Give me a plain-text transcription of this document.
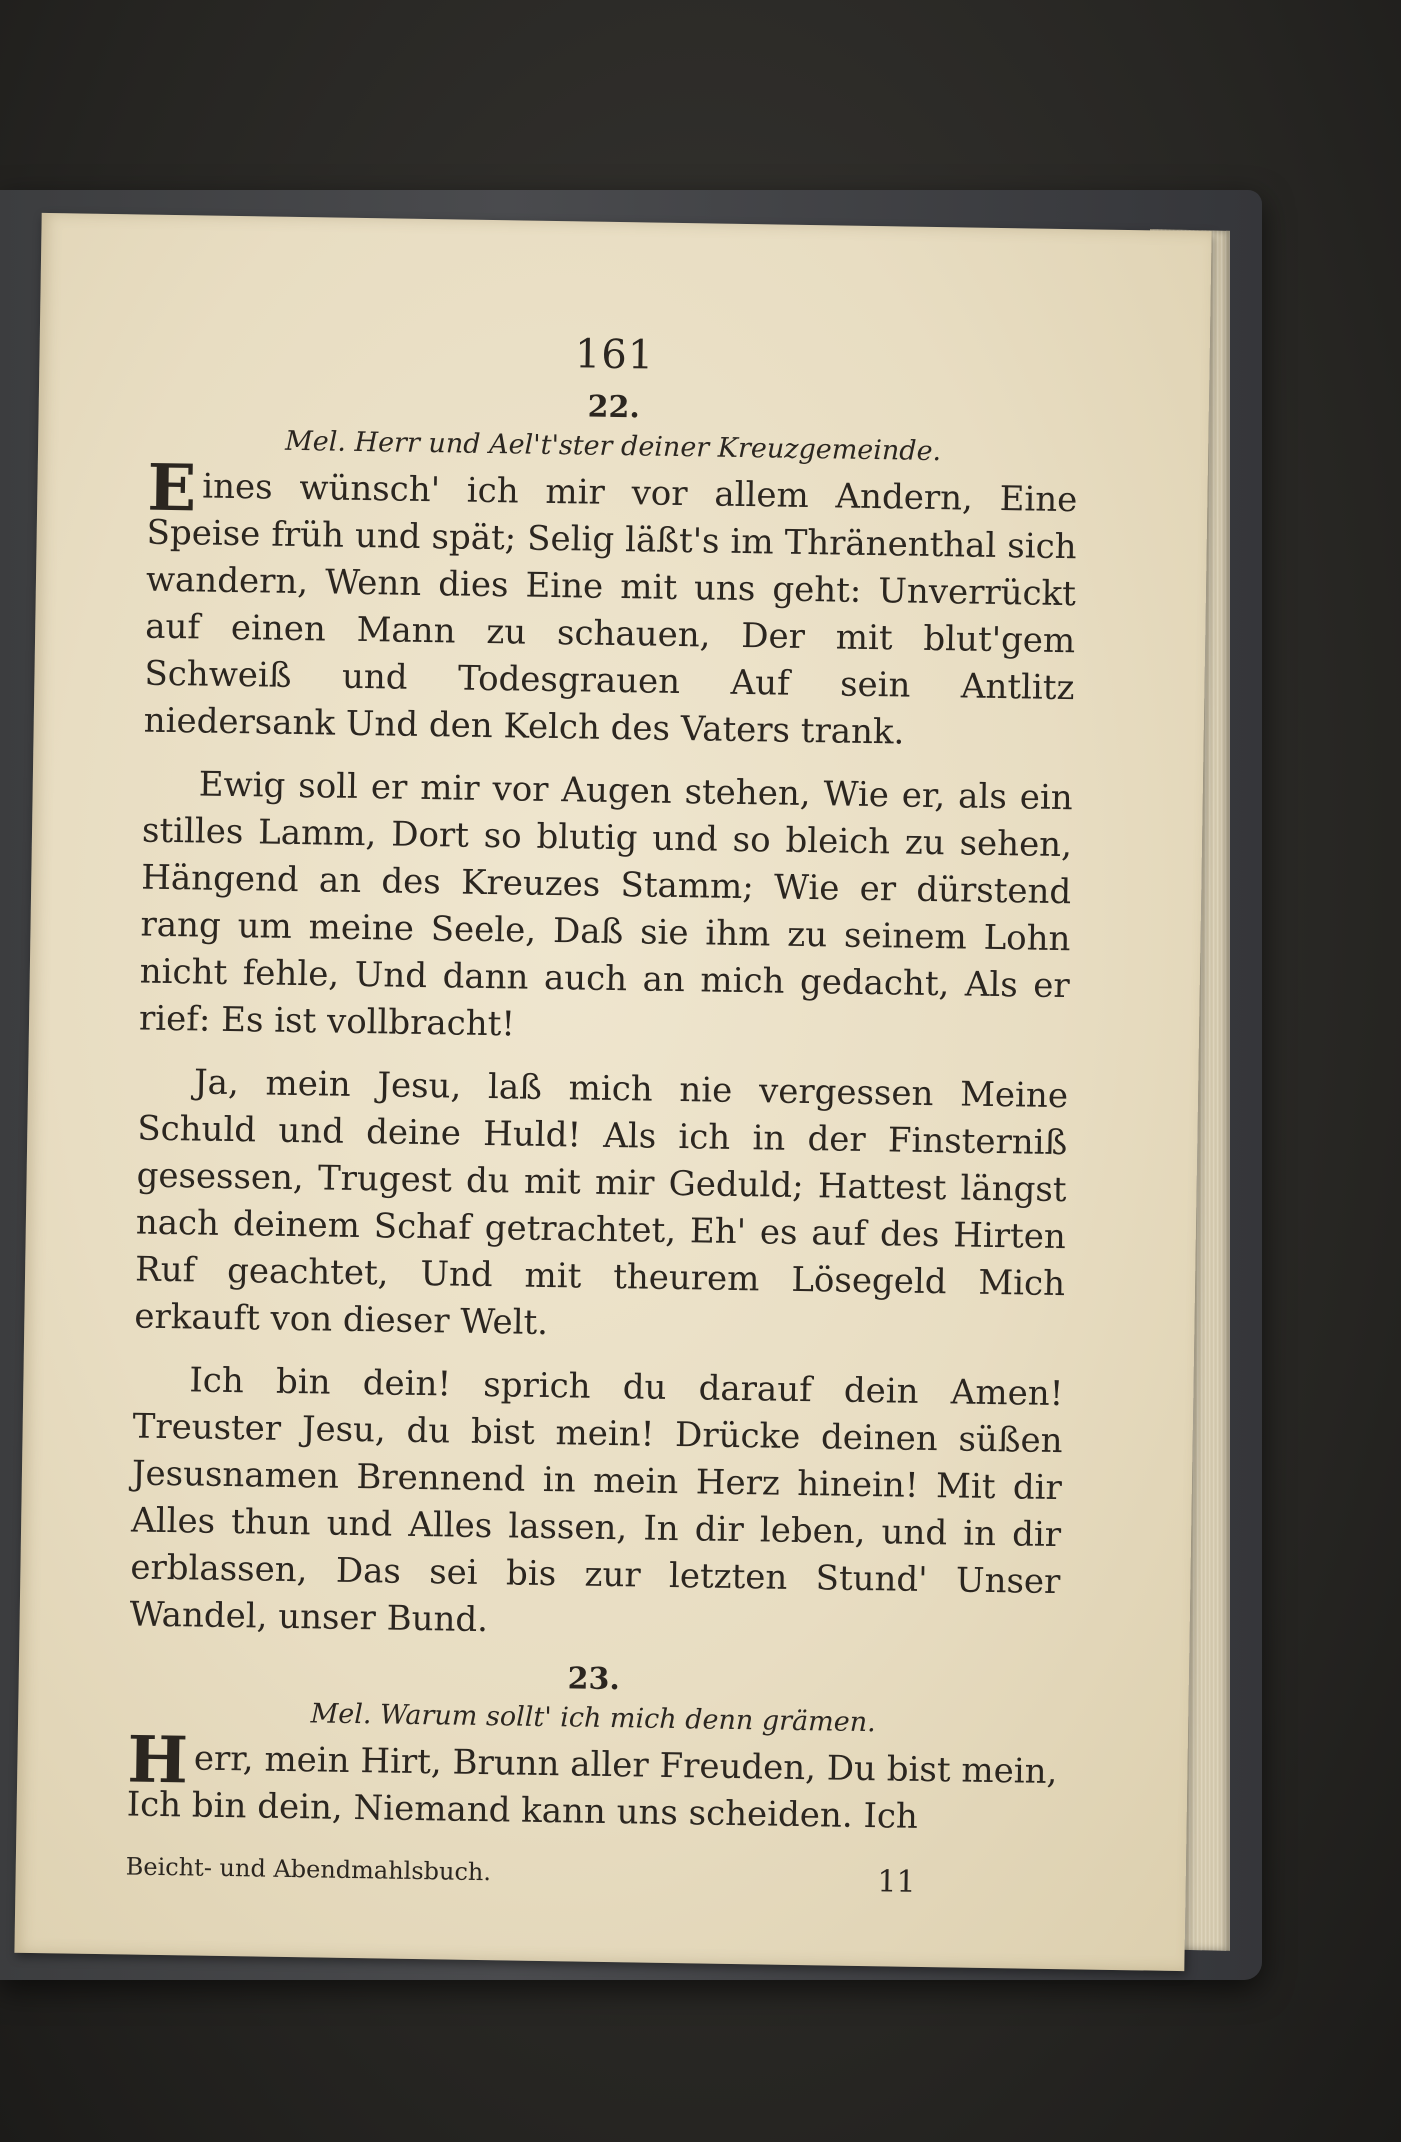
161
22.
Mel. Herr und Ael't'ster deiner Kreuzgemeinde.

Eines wünsch' ich mir vor allem Andern, Eine Speise früh und spät; Selig läßt's im Thränenthal sich wandern, Wenn dies Eine mit uns geht: Unverrückt auf einen Mann zu schauen, Der mit blut'gem Schweiß und Todesgrauen Auf sein Antlitz niedersank Und den Kelch des Vaters trank.

Ewig soll er mir vor Augen stehen, Wie er, als ein stilles Lamm, Dort so blutig und so bleich zu sehen, Hängend an des Kreuzes Stamm; Wie er dürstend rang um meine Seele, Daß sie ihm zu seinem Lohn nicht fehle, Und dann auch an mich gedacht, Als er rief: Es ist vollbracht!

Ja, mein Jesu, laß mich nie vergessen Meine Schuld und deine Huld! Als ich in der Finsterniß gesessen, Trugest du mit mir Geduld; Hattest längst nach deinem Schaf getrachtet, Eh' es auf des Hirten Ruf geachtet, Und mit theurem Lösegeld Mich erkauft von dieser Welt.

Ich bin dein! sprich du darauf dein Amen! Treuster Jesu, du bist mein! Drücke deinen süßen Jesusnamen Brennend in mein Herz hinein! Mit dir Alles thun und Alles lassen, In dir leben, und in dir erblassen, Das sei bis zur letzten Stund' Unser Wandel, unser Bund.

23.
Mel. Warum sollt' ich mich denn grämen.

Herr, mein Hirt, Brunn aller Freuden, Du bist mein, Ich bin dein, Niemand kann uns scheiden. Ich

Beicht- und Abendmahlsbuch.	11
